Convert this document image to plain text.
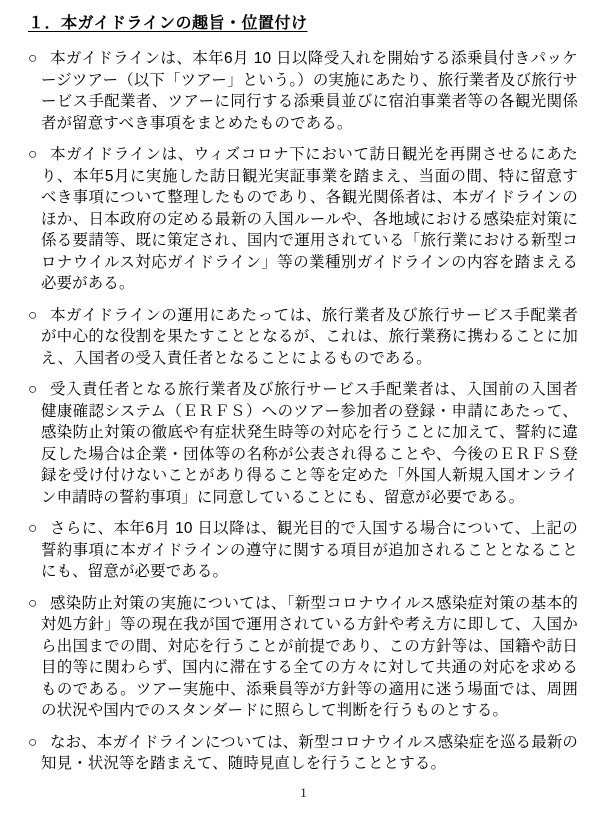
１．本ガイドラインの趣旨・位置付け
○ 本ガイドラインは、本年6月 10 日以降受入れを開始する添乗員付きパッケージツアー（以下「ツアー」という。）の実施にあたり、旅行業者及び旅行サービス手配業者、ツアーに同行する添乗員並びに宿泊事業者等の各観光関係者が留意すべき事項をまとめたものである。
○ 本ガイドラインは、ウィズコロナ下において訪日観光を再開させるにあたり、本年5月に実施した訪日観光実証事業を踏まえ、当面の間、特に留意すべき事項について整理したものであり、各観光関係者は、本ガイドラインのほか、日本政府の定める最新の入国ルールや、各地域における感染症対策に係る要請等、既に策定され、国内で運用されている「旅行業における新型コロナウイルス対応ガイドライン」等の業種別ガイドラインの内容を踏まえる必要がある。
○ 本ガイドラインの運用にあたっては、旅行業者及び旅行サービス手配業者が中心的な役割を果たすこととなるが、これは、旅行業務に携わることに加え、入国者の受入責任者となることによるものである。
○ 受入責任者となる旅行業者及び旅行サービス手配業者は、入国前の入国者健康確認システム（ＥＲＦＳ）へのツアー参加者の登録・申請にあたって、感染防止対策の徹底や有症状発生時等の対応を行うことに加えて、誓約に違反した場合は企業・団体等の名称が公表され得ることや、今後のＥＲＦＳ登録を受け付けないことがあり得ること等を定めた「外国人新規入国オンライン申請時の誓約事項」に同意していることにも、留意が必要である。
○ さらに、本年6月 10 日以降は、観光目的で入国する場合について、上記の誓約事項に本ガイドラインの遵守に関する項目が追加されることとなることにも、留意が必要である。
○ 感染防止対策の実施については、「新型コロナウイルス感染症対策の基本的対処方針」等の現在我が国で運用されている方針や考え方に即して、入国から出国までの間、対応を行うことが前提であり、この方針等は、国籍や訪日目的等に関わらず、国内に滞在する全ての方々に対して共通の対応を求めるものである。ツアー実施中、添乗員等が方針等の適用に迷う場面では、周囲の状況や国内でのスタンダードに照らして判断を行うものとする。
○ なお、本ガイドラインについては、新型コロナウイルス感染症を巡る最新の知見・状況等を踏まえて、随時見直しを行うこととする。
1
